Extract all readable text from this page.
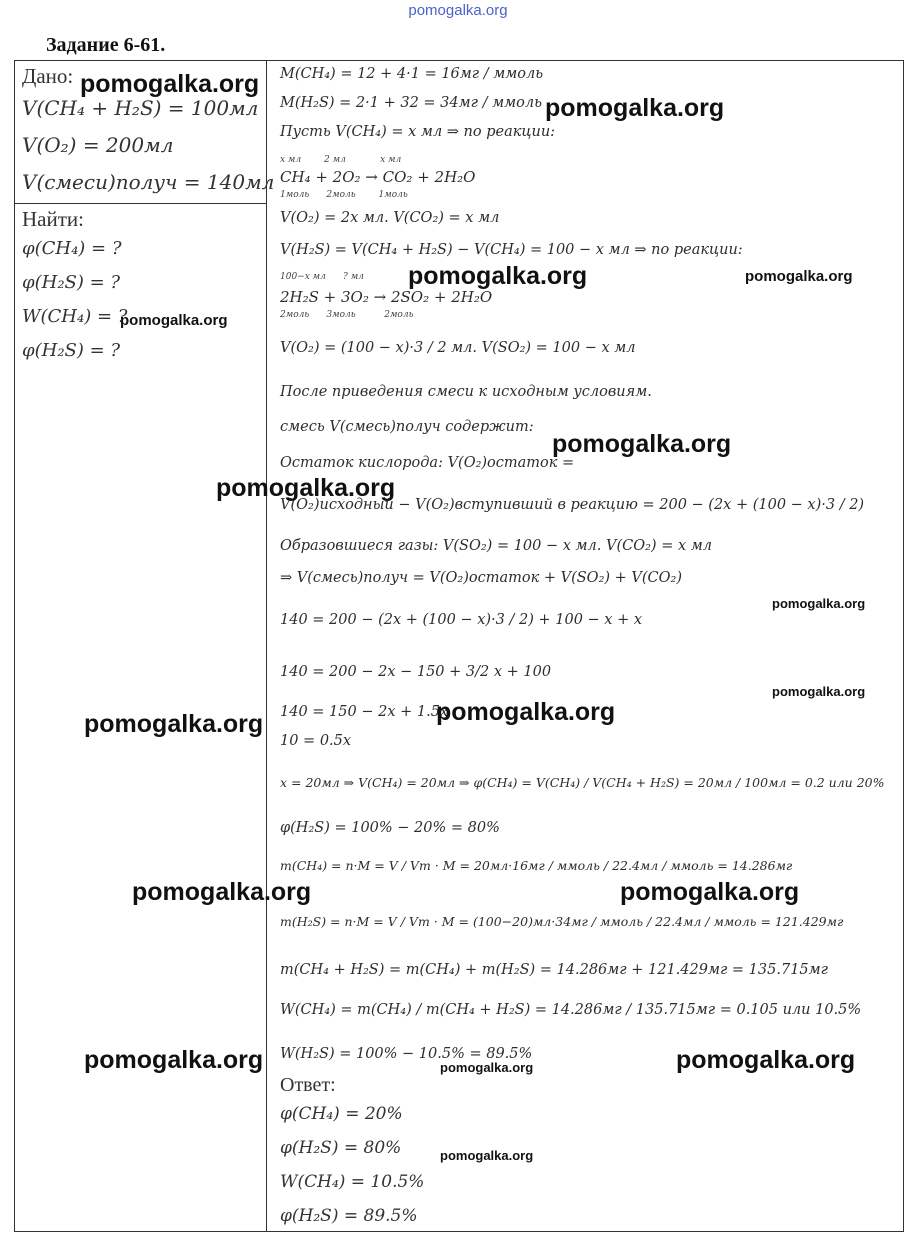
pomogalka.org
Задание 6-61.
Дано:
V(CH₄ + H₂S) = 100мл
V(O₂) = 200мл
V(смеси)получ = 140мл
Найти:
φ(CH₄) = ?
φ(H₂S) = ?
W(CH₄) = ?
φ(H₂S) = ?
M(CH₄) = 12 + 4·1 = 16мг / ммоль
M(H₂S) = 2·1 + 32 = 34мг / ммоль
Пусть V(CH₄) = x мл ⇒ по реакции:
x мл        2 мл            x мл
CH₄ + 2O₂ → CO₂ + 2H₂O
1моль      2моль        1моль
V(O₂) = 2x мл. V(CO₂) = x мл
V(H₂S) = V(CH₄ + H₂S) − V(CH₄) = 100 − x мл ⇒ по реакции:
100−x мл      ? мл
2H₂S + 3O₂ → 2SO₂ + 2H₂O
2моль      3моль          2моль
V(O₂) = (100 − x)·3 / 2 мл. V(SO₂) = 100 − x мл
После приведения смеси к исходным условиям.
смесь V(смесь)получ содержит:
Остаток кислорода: V(O₂)остаток =
V(O₂)исходный − V(O₂)вступивший в реакцию = 200 − (2x + (100 − x)·3 / 2)
Образовшиеся газы: V(SO₂) = 100 − x мл. V(CO₂) = x мл
⇒ V(смесь)получ = V(O₂)остаток + V(SO₂) + V(CO₂)
140 = 200 − (2x + (100 − x)·3 / 2) + 100 − x + x
140 = 200 − 2x − 150 + 3/2 x + 100
140 = 150 − 2x + 1.5x
10 = 0.5x
x = 20мл ⇒ V(CH₄) = 20мл ⇒ φ(CH₄) = V(CH₄) / V(CH₄ + H₂S) = 20мл / 100мл = 0.2 или 20%
φ(H₂S) = 100% − 20% = 80%
m(CH₄) = n·M = V / Vm · M = 20мл·16мг / ммоль / 22.4мл / ммоль = 14.286мг
m(H₂S) = n·M = V / Vm · M = (100−20)мл·34мг / ммоль / 22.4мл / ммоль = 121.429мг
m(CH₄ + H₂S) = m(CH₄) + m(H₂S) = 14.286мг + 121.429мг = 135.715мг
W(CH₄) = m(CH₄) / m(CH₄ + H₂S) = 14.286мг / 135.715мг = 0.105 или 10.5%
W(H₂S) = 100% − 10.5% = 89.5%
Ответ:
φ(CH₄) = 20%
φ(H₂S) = 80%
W(CH₄) = 10.5%
φ(H₂S) = 89.5%
pomogalka.org
pomogalka.org
pomogalka.org	pomogalka.org
pomogalka.org
pomogalka.org
pomogalka.org
pomogalka.org
pomogalka.org
pomogalka.org
pomogalka.org
pomogalka.org	pomogalka.org
pomogalka.org	pomogalka.org
pomogalka.org
pomogalka.org
